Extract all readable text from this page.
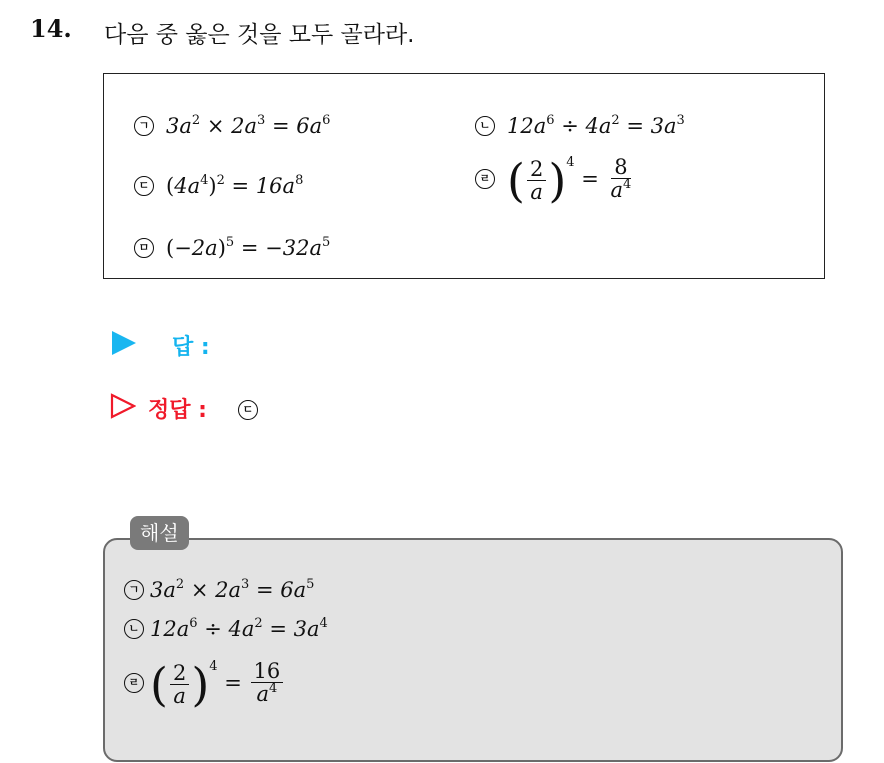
14. 다음 중 옳은 것을 모두 골라라.
ㄱ $3a^2 \times 2a^3 = 6a^6$	ㄴ $12a^6 \div 4a^2 = 3a^3$
ㄷ $(4a^4)^2 = 16a^8$	ㄹ ( $\frac{2}{a} )^4 = \frac{8}{a^4}$
ㅁ $(-2a)^5 = -32a^5$
답 :
정답 :	ㄷ
해설
ㄱ $3a^2 \times 2a^3 = 6a^5$
ㄴ $12a^6 \div 4a^2 = 3a^4$
ㄹ ( $\frac{2}{a} )^4 = \frac{16}{a^4}$
